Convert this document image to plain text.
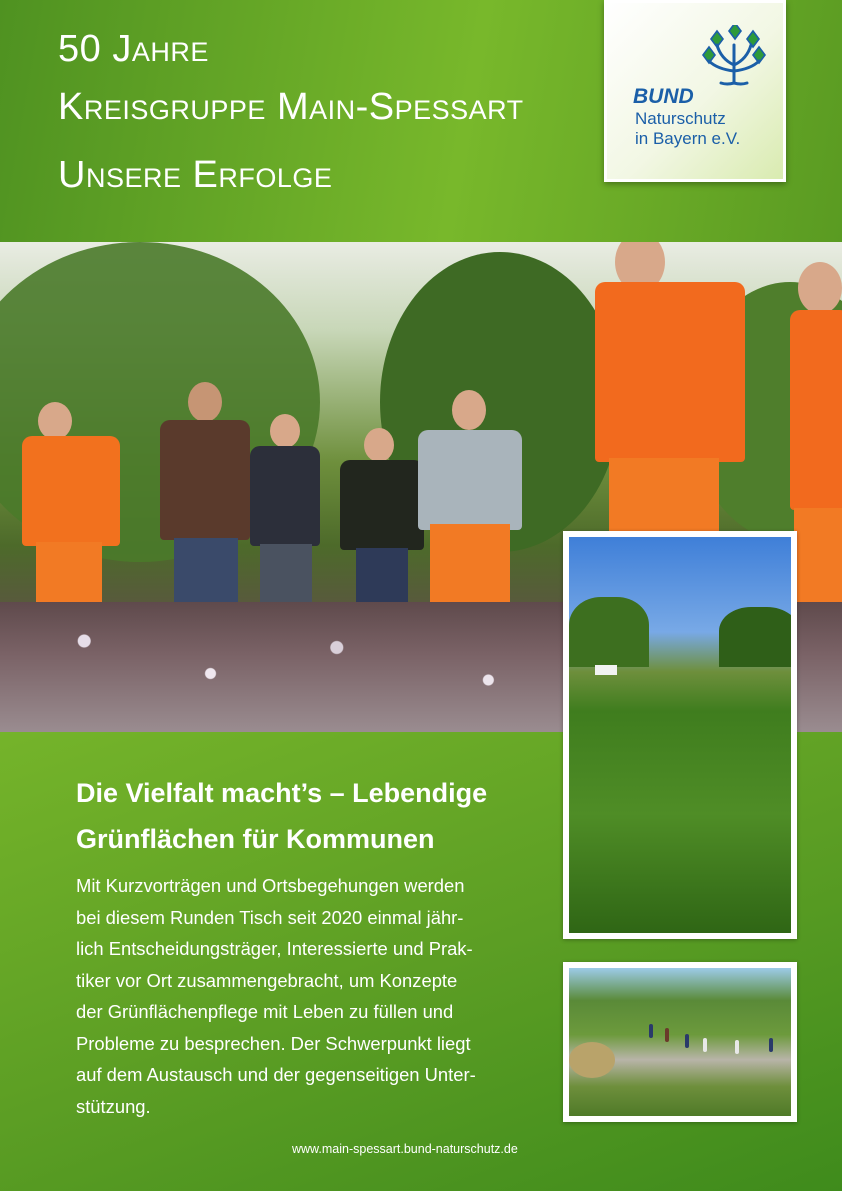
50 Jahre
Kreisgruppe Main-Spessart
Unsere Erfolge
BUND
Naturschutz
in Bayern e.V.
Die Vielfalt macht’s – Lebendige
Grünflächen für Kommunen
Mit Kurzvorträgen und Ortsbegehungen werden
bei diesem Runden Tisch seit 2020 einmal jähr-
lich Entscheidungsträger, Interessierte und Prak-
tiker vor Ort zusammengebracht, um Konzepte
der Grünflächenpflege mit Leben zu füllen und
Probleme zu besprechen. Der Schwerpunkt liegt
auf dem Austausch und der gegenseitigen Unter-
stützung.
www.main-spessart.bund-naturschutz.de
